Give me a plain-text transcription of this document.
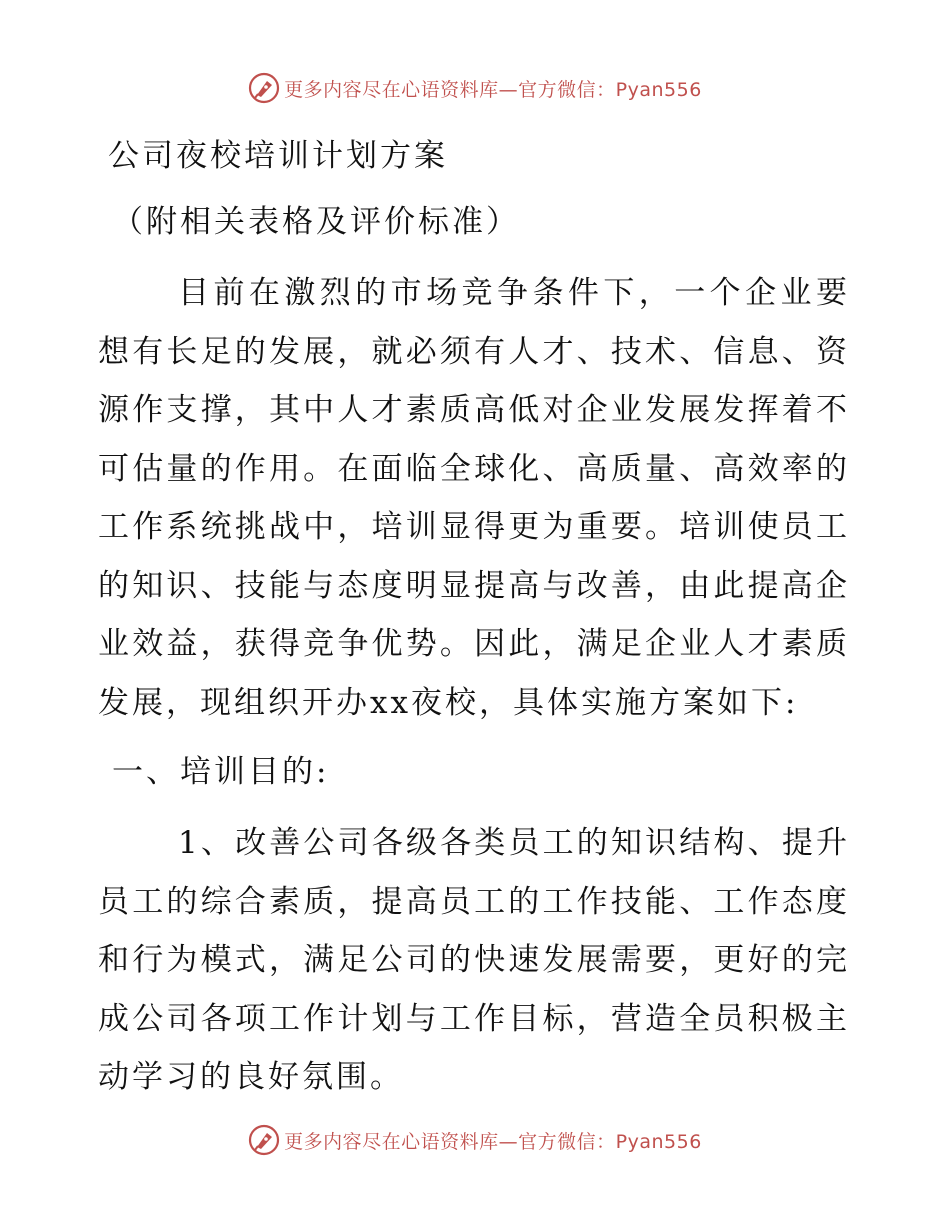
更多内容尽在心语资料库—官方微信：Pyan556
公司夜校培训计划方案
（附相关表格及评价标准）

目前在激烈的市场竞争条件下，一个企业要想有长足的发展，就必须有人才、技术、信息、资源作支撑，其中人才素质高低对企业发展发挥着不可估量的作用。在面临全球化、高质量、高效率的工作系统挑战中，培训显得更为重要。培训使员工的知识、技能与态度明显提高与改善，由此提高企业效益，获得竞争优势。因此，满足企业人才素质发展，现组织开办xx夜校，具体实施方案如下:

一、培训目的:

1、改善公司各级各类员工的知识结构、提升员工的综合素质，提高员工的工作技能、工作态度和行为模式，满足公司的快速发展需要，更好的完成公司各项工作计划与工作目标，营造全员积极主动学习的良好氛围。

更多内容尽在心语资料库—官方微信：Pyan556
